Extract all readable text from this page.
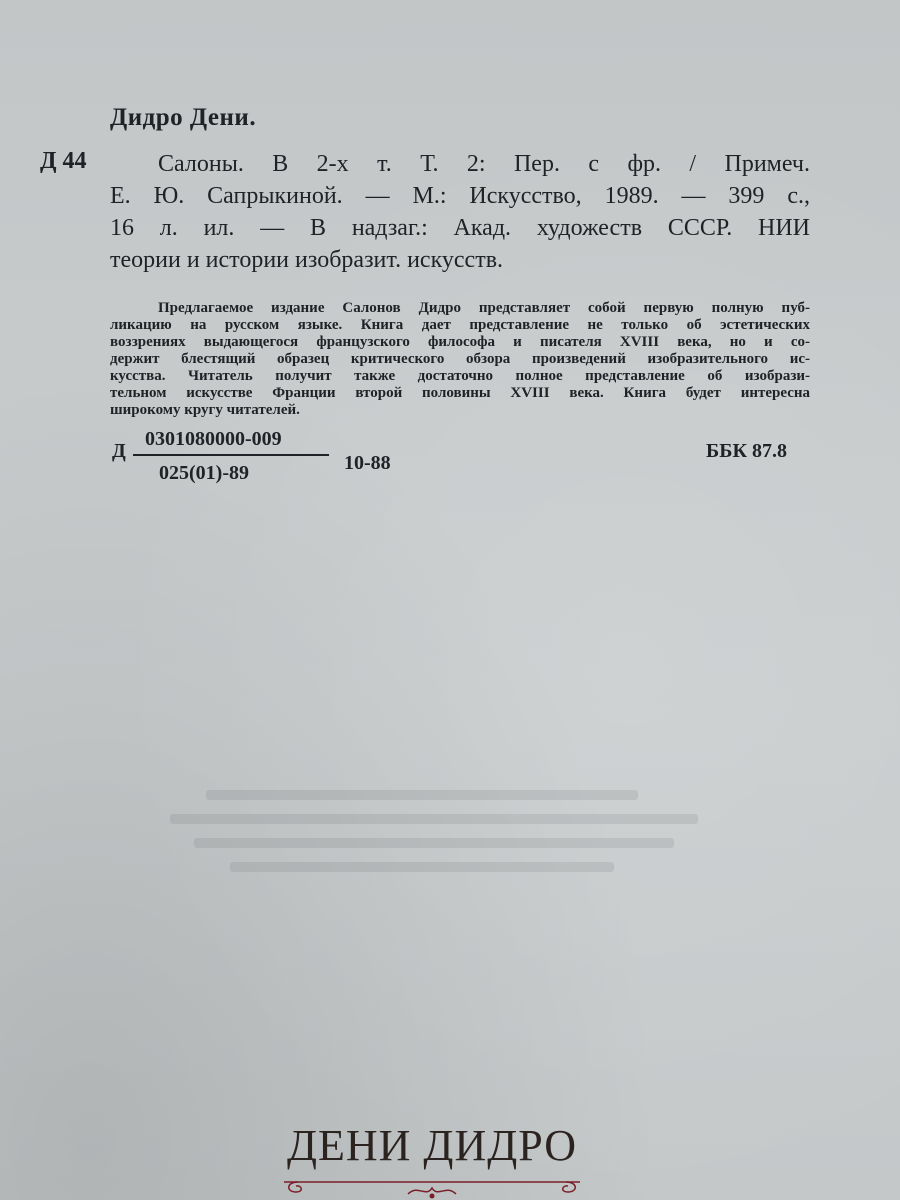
Дидро Дени.
Д 44	Салоны. В 2-х т. Т. 2: Пер. с фр. / Примеч.
Е. Ю. Сапрыкиной. — М.: Искусство, 1989. — 399 с.,
16 л. ил. — В надзаг.: Акад. художеств СССР. НИИ
теории и истории изобразит. искусств.
Предлагаемое издание Салонов Дидро представляет собой первую полную пуб-
ликацию на русском языке. Книга дает представление не только об эстетических
воззрениях выдающегося французского философа и писателя XVIII века, но и со-
держит блестящий образец критического обзора произведений изобразительного ис-
кусства. Читатель получит также достаточно полное представление об изобрази-
тельном искусстве Франции второй половины XVIII века. Книга будет интересна
широкому кругу читателей.
Д
0301080000-009
025(01)-89	10-88
ББК 87.8
ДЕНИ ДИДРО
